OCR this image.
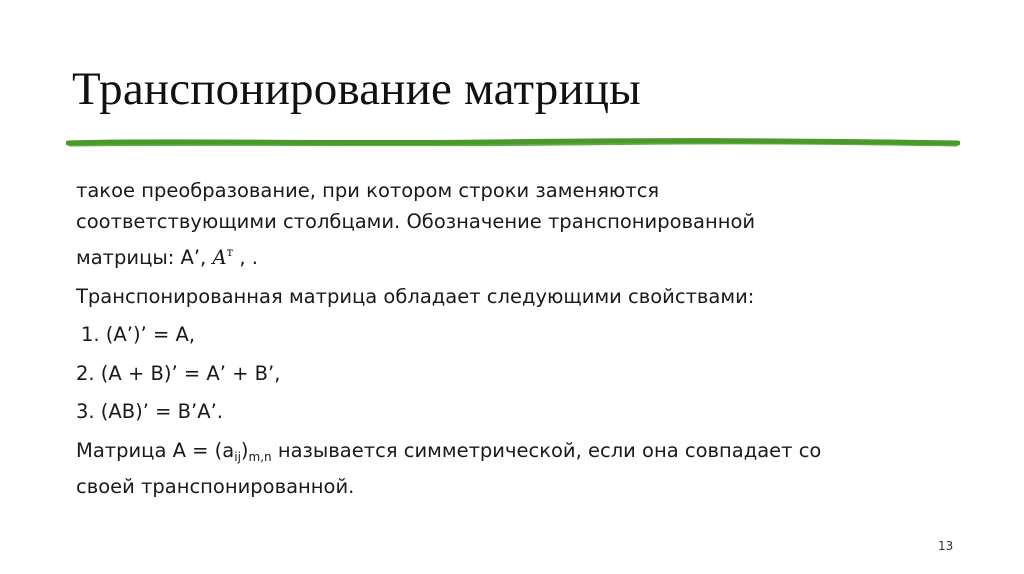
Транспонирование матрицы

такое преобразование, при котором строки заменяются
соответствующими столбцами. Обозначение транспонированной
матрицы: А’, $A^т$ , .

Транспонированная матрица обладает следующими свойствами:

1. (А’)’ = А,

2. (А + В)’ = А’ + В’,

3. (АВ)’ = В’А’.

Матрица $А = (а_{ij})_{m,n}$ называется симметрической, если она совпадает со
своей транспонированной.

13
